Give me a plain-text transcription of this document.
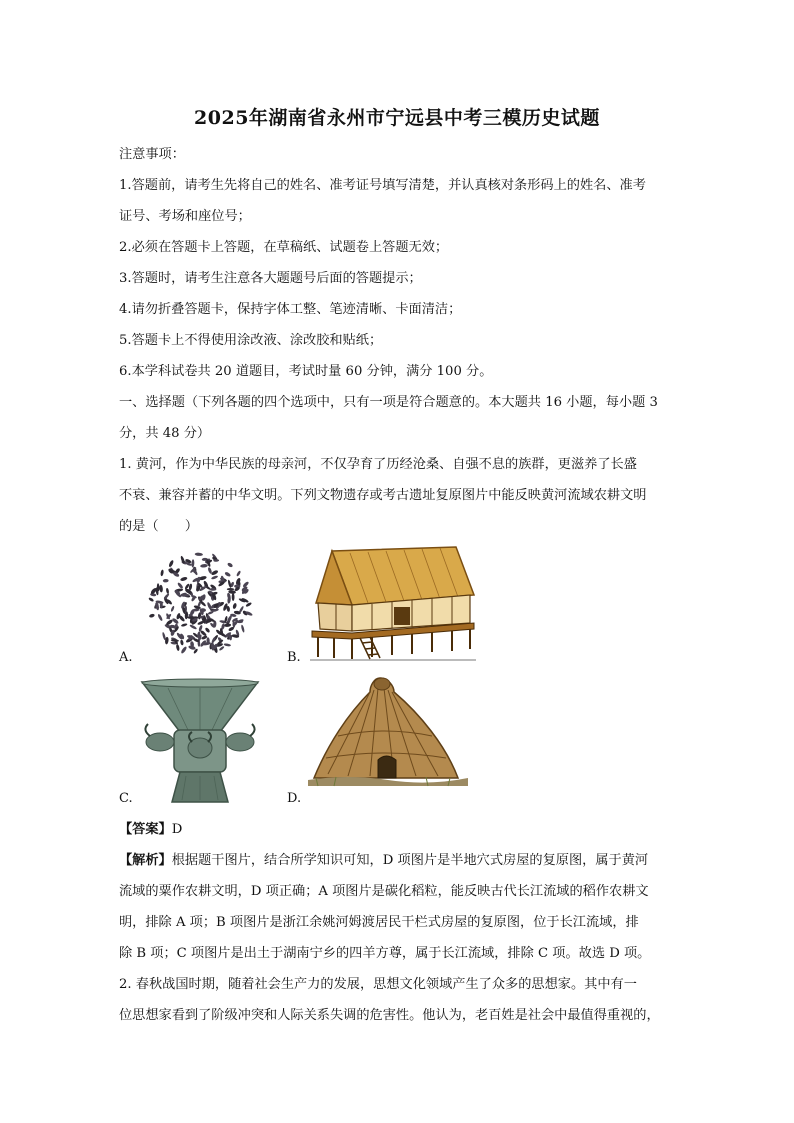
2025年湖南省永州市宁远县中考三模历史试题
注意事项：
1.答题前，请考生先将自己的姓名、准考证号填写清楚，并认真核对条形码上的姓名、准考
证号、考场和座位号；
2.必须在答题卡上答题，在草稿纸、试题卷上答题无效；
3.答题时，请考生注意各大题题号后面的答题提示；
4.请勿折叠答题卡，保持字体工整、笔迹清晰、卡面清洁；
5.答题卡上不得使用涂改液、涂改胶和贴纸；
6.本学科试卷共 20 道题目，考试时量 60 分钟，满分 100 分。
一、选择题（下列各题的四个选项中，只有一项是符合题意的。本大题共 16 小题，每小题 3
分，共 48 分）
1. 黄河，作为中华民族的母亲河，不仅孕育了历经沧桑、自强不息的族群，更滋养了长盛
不衰、兼容并蓄的中华文明。下列文物遗存或考古遗址复原图片中能反映黄河流域农耕文明
的是（　　）
A.	B.
C.	D.
【答案】D
【解析】根据题干图片，结合所学知识可知，D 项图片是半地穴式房屋的复原图，属于黄河
流域的粟作农耕文明，D 项正确；A 项图片是碳化稻粒，能反映古代长江流域的稻作农耕文
明，排除 A 项；B 项图片是浙江余姚河姆渡居民干栏式房屋的复原图，位于长江流域，排
除 B 项；C 项图片是出土于湖南宁乡的四羊方尊，属于长江流域，排除 C 项。故选 D 项。
2. 春秋战国时期，随着社会生产力的发展，思想文化领域产生了众多的思想家。其中有一
位思想家看到了阶级冲突和人际关系失调的危害性。他认为，老百姓是社会中最值得重视的，
